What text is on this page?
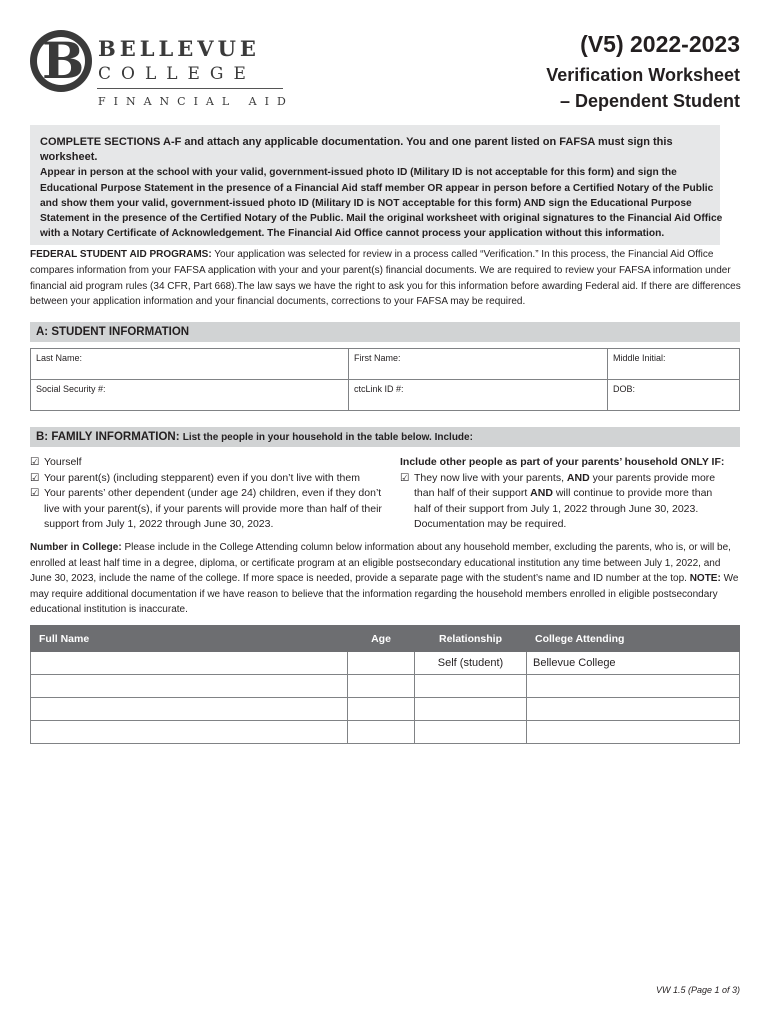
B BELLEVUE
COLLEGE
FINANCIAL AID
(V5) 2022-2023
Verification Worksheet
– Dependent Student

COMPLETE SECTIONS A-F and attach any applicable documentation. You and one parent listed on FAFSA must sign this worksheet.

Appear in person at the school with your valid, government-issued photo ID (Military ID is not acceptable for this form) and sign the Educational Purpose Statement in the presence of a Financial Aid staff member OR appear in person before a Certified Notary of the Public and show them your valid, government-issued photo ID (Military ID is NOT acceptable for this form) AND sign the Educational Purpose Statement in the presence of the Certified Notary of the Public. Mail the original worksheet with original signatures to the Financial Aid Office with a Notary Certificate of Acknowledgement. The Financial Aid Office cannot process your application without this information.

FEDERAL STUDENT AID PROGRAMS: Your application was selected for review in a process called “Verification.” In this process, the Financial Aid Office compares information from your FAFSA application with your and your parent(s) financial documents. We are required to review your FAFSA information under financial aid program rules (34 CFR, Part 668).The law says we have the right to ask you for this information before awarding Federal aid. If there are differences between your application information and your financial documents, corrections to your FAFSA may be required.

A: STUDENT INFORMATION
Last Name:	First Name:	Middle Initial:
Social Security #:	ctcLink ID #:	DOB:
B: FAMILY INFORMATION: List the people in your household in the table below. Include:
☑ Yourself
☑ Your parent(s) (including stepparent) even if you don’t live with them
☑ Your parents’ other dependent (under age 24) children, even if they don’t live with your parent(s), if your parents will provide more than half of their support from July 1, 2022 through June 30, 2023.
Include other people as part of your parents’ household ONLY IF:
☑ They now live with your parents, AND your parents provide more than half of their support AND will continue to provide more than half of their support from July 1, 2022 through June 30, 2023. Documentation may be required.

Number in College: Please include in the College Attending column below information about any household member, excluding the parents, who is, or will be, enrolled at least half time in a degree, diploma, or certificate program at an eligible postsecondary educational institution any time between July 1, 2022, and June 30, 2023, include the name of the college. If more space is needed, provide a separate page with the student’s name and ID number at the top. NOTE: We may require additional documentation if we have reason to believe that the information regarding the household members enrolled in eligible postsecondary educational institution is inaccurate.

Full Name	Age	Relationship	College Attending
		Self (student)	Bellevue College

VW 1.5 (Page 1 of 3)
